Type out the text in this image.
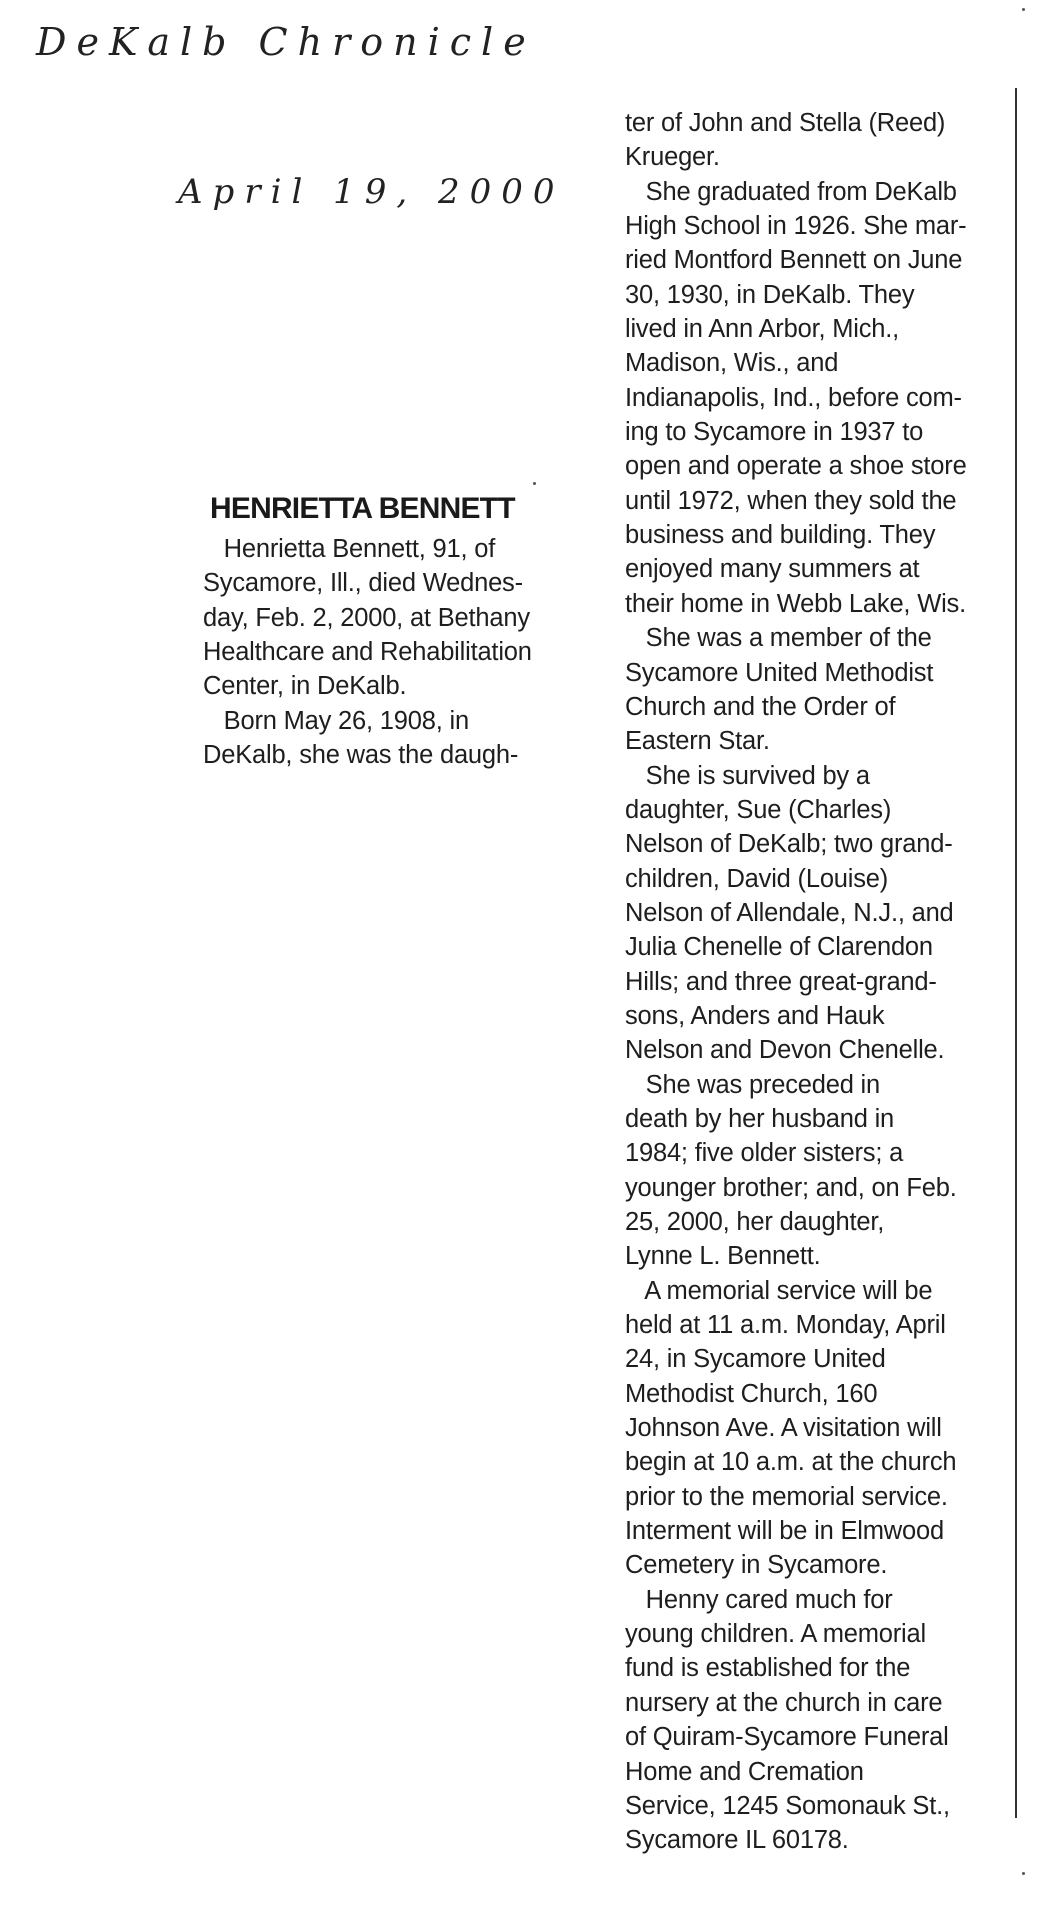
DeKalb Chronicle
April 19, 2000
HENRIETTA BENNETT
Henrietta Bennett, 91, of
Sycamore, Ill., died Wednes-
day, Feb. 2, 2000, at Bethany
Healthcare and Rehabilitation
Center, in DeKalb.
Born May 26, 1908, in
DeKalb, she was the daugh-
ter of John and Stella (Reed)
Krueger.
She graduated from DeKalb
High School in 1926. She mar-
ried Montford Bennett on June
30, 1930, in DeKalb. They
lived in Ann Arbor, Mich.,
Madison, Wis., and
Indianapolis, Ind., before com-
ing to Sycamore in 1937 to
open and operate a shoe store
until 1972, when they sold the
business and building. They
enjoyed many summers at
their home in Webb Lake, Wis.
She was a member of the
Sycamore United Methodist
Church and the Order of
Eastern Star.
She is survived by a
daughter, Sue (Charles)
Nelson of DeKalb; two grand-
children, David (Louise)
Nelson of Allendale, N.J., and
Julia Chenelle of Clarendon
Hills; and three great-grand-
sons, Anders and Hauk
Nelson and Devon Chenelle.
She was preceded in
death by her husband in
1984; five older sisters; a
younger brother; and, on Feb.
25, 2000, her daughter,
Lynne L. Bennett.
A memorial service will be
held at 11 a.m. Monday, April
24, in Sycamore United
Methodist Church, 160
Johnson Ave. A visitation will
begin at 10 a.m. at the church
prior to the memorial service.
Interment will be in Elmwood
Cemetery in Sycamore.
Henny cared much for
young children. A memorial
fund is established for the
nursery at the church in care
of Quiram-Sycamore Funeral
Home and Cremation
Service, 1245 Somonauk St.,
Sycamore IL 60178.
